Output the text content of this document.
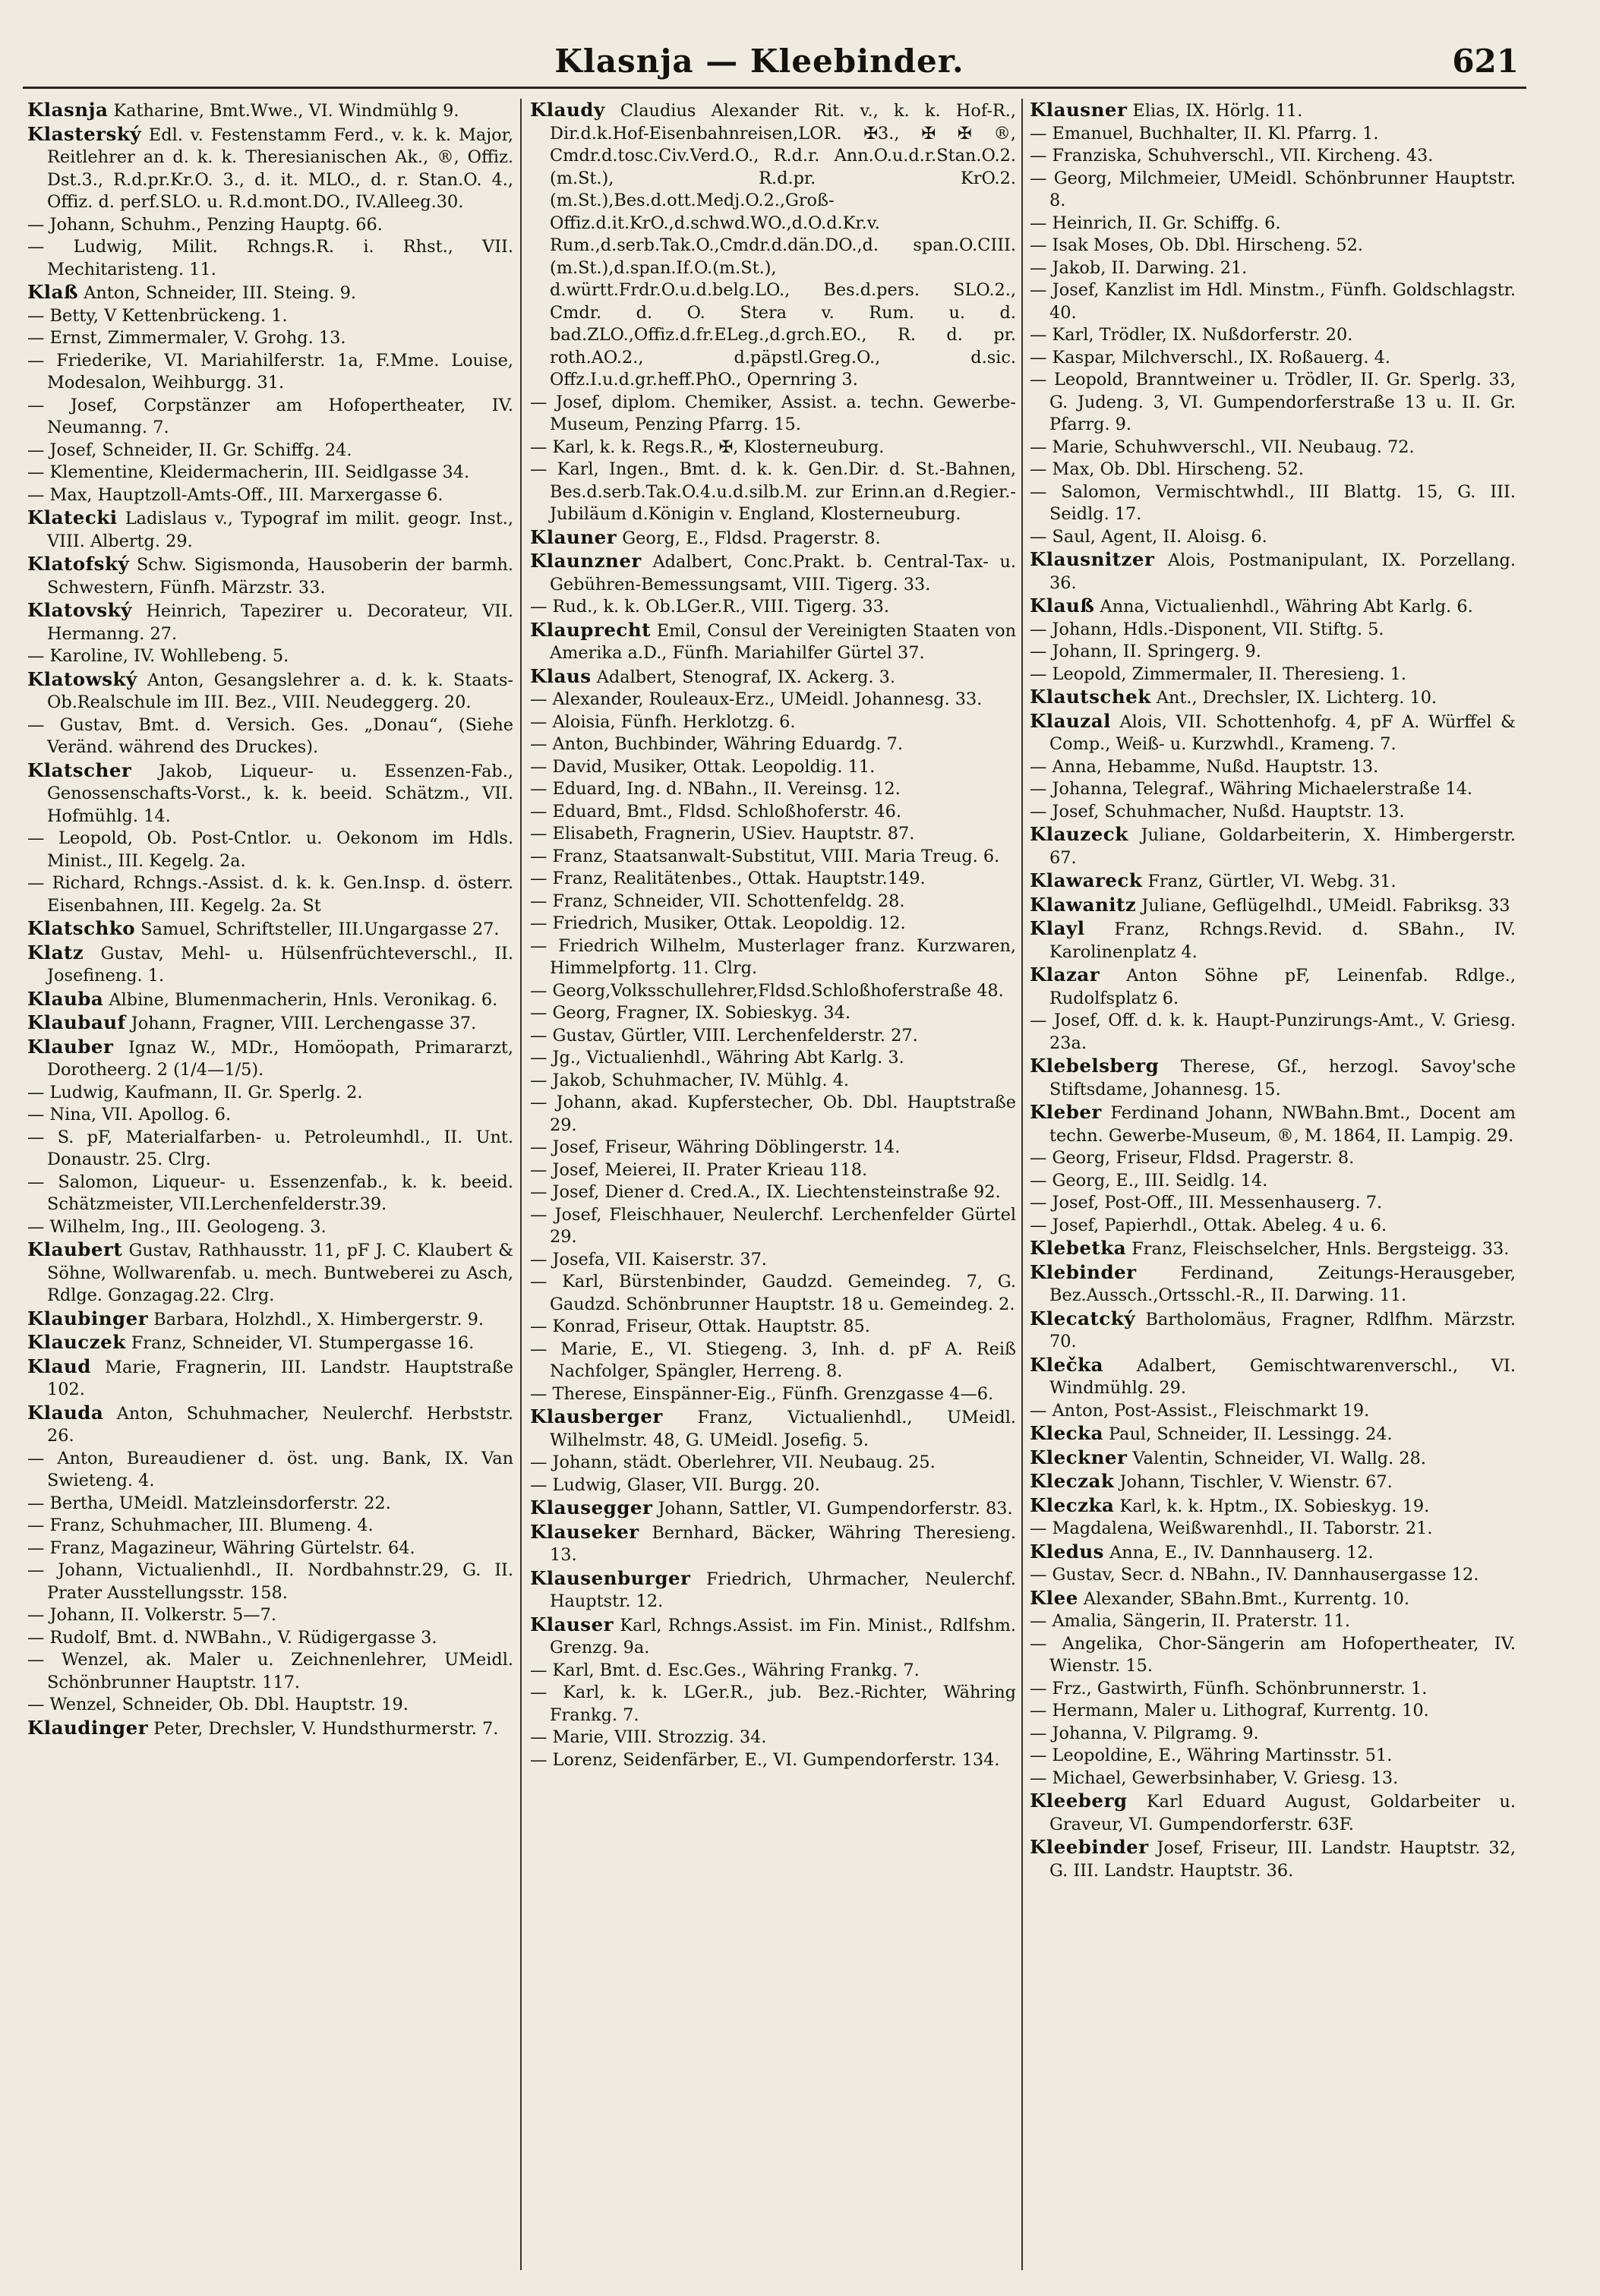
Klasnja — Kleebinder.	621

Klasnja Katharine, Bmt.Wwe., VI. Windmühlg 9.

Klasterský Edl. v. Festenstamm Ferd., v. k. k. Major, Reitlehrer an d. k. k. Theresianischen Ak., ®, Offiz. Dst.3., R.d.pr.Kr.O. 3., d. it. MLO., d. r. Stan.O. 4., Offiz. d. perf.SLO. u. R.d.mont.DO., IV.Alleeg.30.

— Johann, Schuhm., Penzing Hauptg. 66.

— Ludwig, Milit. Rchngs.R. i. Rhst., VII. Mechitaristeng. 11.

Klaß Anton, Schneider, III. Steing. 9.

— Betty, V Kettenbrückeng. 1.

— Ernst, Zimmermaler, V. Grohg. 13.

— Friederike, VI. Mariahilferstr. 1a, F.Mme. Louise, Modesalon, Weihburgg. 31.

— Josef, Corpstänzer am Hofopertheater, IV. Neumanng. 7.

— Josef, Schneider, II. Gr. Schiffg. 24.

— Klementine, Kleidermacherin, III. Seidlgasse 34.

— Max, Hauptzoll-Amts-Off., III. Marxergasse 6.

Klatecki Ladislaus v., Typograf im milit. geogr. Inst., VIII. Albertg. 29.

Klatofský Schw. Sigismonda, Hausoberin der barmh. Schwestern, Fünfh. Märzstr. 33.

Klatovský Heinrich, Tapezirer u. Decorateur, VII. Hermanng. 27.

— Karoline, IV. Wohllebeng. 5.

Klatowský Anton, Gesangslehrer a. d. k. k. Staats-Ob.Realschule im III. Bez., VIII. Neudeggerg. 20.

— Gustav, Bmt. d. Versich. Ges. „Donau“, (Siehe Veränd. während des Druckes).

Klatscher Jakob, Liqueur- u. Essenzen-Fab., Genossenschafts-Vorst., k. k. beeid. Schätzm., VII. Hofmühlg. 14.

— Leopold, Ob. Post-Cntlor. u. Oekonom im Hdls. Minist., III. Kegelg. 2a.

— Richard, Rchngs.-Assist. d. k. k. Gen.Insp. d. österr. Eisenbahnen, III. Kegelg. 2a. St

Klatschko Samuel, Schriftsteller, III.Ungargasse 27.

Klatz Gustav, Mehl- u. Hülsenfrüchteverschl., II. Josefineng. 1.

Klauba Albine, Blumenmacherin, Hnls. Veronikag. 6.

Klaubauf Johann, Fragner, VIII. Lerchengasse 37.

Klauber Ignaz W., MDr., Homöopath, Primararzt, Dorotheerg. 2 (1/4—1/5).

— Ludwig, Kaufmann, II. Gr. Sperlg. 2.

— Nina, VII. Apollog. 6.

— S. pF, Materialfarben- u. Petroleumhdl., II. Unt. Donaustr. 25. Clrg.

— Salomon, Liqueur- u. Essenzenfab., k. k. beeid. Schätzmeister, VII.Lerchenfelderstr.39.

— Wilhelm, Ing., III. Geologeng. 3.

Klaubert Gustav, Rathhausstr. 11, pF J. C. Klaubert & Söhne, Wollwarenfab. u. mech. Buntweberei zu Asch, Rdlge. Gonzagag.22. Clrg.

Klaubinger Barbara, Holzhdl., X. Himbergerstr. 9.

Klauczek Franz, Schneider, VI. Stumpergasse 16.

Klaud Marie, Fragnerin, III. Landstr. Hauptstraße 102.

Klauda Anton, Schuhmacher, Neulerchf. Herbststr. 26.

— Anton, Bureaudiener d. öst. ung. Bank, IX. Van Swieteng. 4.

— Bertha, UMeidl. Matzleinsdorferstr. 22.

— Franz, Schuhmacher, III. Blumeng. 4.

— Franz, Magazineur, Währing Gürtelstr. 64.

— Johann, Victualienhdl., II. Nordbahnstr.29, G. II. Prater Ausstellungsstr. 158.

— Johann, II. Volkerstr. 5—7.

— Rudolf, Bmt. d. NWBahn., V. Rüdigergasse 3.

— Wenzel, ak. Maler u. Zeichnenlehrer, UMeidl. Schönbrunner Hauptstr. 117.

— Wenzel, Schneider, Ob. Dbl. Hauptstr. 19.

Klaudinger Peter, Drechsler, V. Hundsthurmerstr. 7.

Klaudy Claudius Alexander Rit. v., k. k. Hof-R., Dir.d.k.Hof-Eisenbahnreisen,LOR. ✠3., ✠ ✠ ®, Cmdr.d.tosc.Civ.Verd.O., R.d.r. Ann.O.u.d.r.Stan.O.2.(m.St.), R.d.pr. KrO.2.(m.St.),Bes.d.ott.Medj.O.2.,Groß-Offiz.d.it.KrO.,d.schwd.WO.,d.O.d.Kr.v. Rum.,d.serb.Tak.O.,Cmdr.d.dän.DO.,d. span.O.CIII.(m.St.),d.span.If.O.(m.St.), d.württ.Frdr.O.u.d.belg.LO., Bes.d.pers. SLO.2., Cmdr. d. O. Stera v. Rum. u. d. bad.ZLO.,Offiz.d.fr.ELeg.,d.grch.EO., R. d. pr. roth.AO.2., d.päpstl.Greg.O., d.sic. Offz.I.u.d.gr.heff.PhO., Opernring 3.

— Josef, diplom. Chemiker, Assist. a. techn. Gewerbe-Museum, Penzing Pfarrg. 15.

— Karl, k. k. Regs.R., ✠, Klosterneuburg.

— Karl, Ingen., Bmt. d. k. k. Gen.Dir. d. St.-Bahnen, Bes.d.serb.Tak.O.4.u.d.silb.M. zur Erinn.an d.Regier.-Jubiläum d.Königin v. England, Klosterneuburg.

Klauner Georg, E., Fldsd. Pragerstr. 8.

Klaunzner Adalbert, Conc.Prakt. b. Central-Tax- u. Gebühren-Bemessungsamt, VIII. Tigerg. 33.

— Rud., k. k. Ob.LGer.R., VIII. Tigerg. 33.

Klauprecht Emil, Consul der Vereinigten Staaten von Amerika a.D., Fünfh. Mariahilfer Gürtel 37.

Klaus Adalbert, Stenograf, IX. Ackerg. 3.

— Alexander, Rouleaux-Erz., UMeidl. Johannesg. 33.

— Aloisia, Fünfh. Herklotzg. 6.

— Anton, Buchbinder, Währing Eduardg. 7.

— David, Musiker, Ottak. Leopoldig. 11.

— Eduard, Ing. d. NBahn., II. Vereinsg. 12.

— Eduard, Bmt., Fldsd. Schloßhoferstr. 46.

— Elisabeth, Fragnerin, USiev. Hauptstr. 87.

— Franz, Staatsanwalt-Substitut, VIII. Maria Treug. 6.

— Franz, Realitätenbes., Ottak. Hauptstr.149.

— Franz, Schneider, VII. Schottenfeldg. 28.

— Friedrich, Musiker, Ottak. Leopoldig. 12.

— Friedrich Wilhelm, Musterlager franz. Kurzwaren, Himmelpfortg. 11. Clrg.

— Georg,Volksschullehrer,Fldsd.Schloßhoferstraße 48.

— Georg, Fragner, IX. Sobieskyg. 34.

— Gustav, Gürtler, VIII. Lerchenfelderstr. 27.

— Jg., Victualienhdl., Währing Abt Karlg. 3.

— Jakob, Schuhmacher, IV. Mühlg. 4.

— Johann, akad. Kupferstecher, Ob. Dbl. Hauptstraße 29.

— Josef, Friseur, Währing Döblingerstr. 14.

— Josef, Meierei, II. Prater Krieau 118.

— Josef, Diener d. Cred.A., IX. Liechtensteinstraße 92.

— Josef, Fleischhauer, Neulerchf. Lerchenfelder Gürtel 29.

— Josefa, VII. Kaiserstr. 37.

— Karl, Bürstenbinder, Gaudzd. Gemeindeg. 7, G. Gaudzd. Schönbrunner Hauptstr. 18 u. Gemeindeg. 2.

— Konrad, Friseur, Ottak. Hauptstr. 85.

— Marie, E., VI. Stiegeng. 3, Inh. d. pF A. Reiß Nachfolger, Spängler, Herreng. 8.

— Therese, Einspänner-Eig., Fünfh. Grenzgasse 4—6.

Klausberger Franz, Victualienhdl., UMeidl. Wilhelmstr. 48, G. UMeidl. Josefig. 5.

— Johann, städt. Oberlehrer, VII. Neubaug. 25.

— Ludwig, Glaser, VII. Burgg. 20.

Klausegger Johann, Sattler, VI. Gumpendorferstr. 83.

Klauseker Bernhard, Bäcker, Währing Theresieng. 13.

Klausenburger Friedrich, Uhrmacher, Neulerchf. Hauptstr. 12.

Klauser Karl, Rchngs.Assist. im Fin. Minist., Rdlfshm. Grenzg. 9a.

— Karl, Bmt. d. Esc.Ges., Währing Frankg. 7.

— Karl, k. k. LGer.R., jub. Bez.-Richter, Währing Frankg. 7.

— Marie, VIII. Strozzig. 34.

— Lorenz, Seidenfärber, E., VI. Gumpendorferstr. 134.

Klausner Elias, IX. Hörlg. 11.

— Emanuel, Buchhalter, II. Kl. Pfarrg. 1.

— Franziska, Schuhverschl., VII. Kircheng. 43.

— Georg, Milchmeier, UMeidl. Schönbrunner Hauptstr. 8.

— Heinrich, II. Gr. Schiffg. 6.

— Isak Moses, Ob. Dbl. Hirscheng. 52.

— Jakob, II. Darwing. 21.

— Josef, Kanzlist im Hdl. Minstm., Fünfh. Goldschlagstr. 40.

— Karl, Trödler, IX. Nußdorferstr. 20.

— Kaspar, Milchverschl., IX. Roßauerg. 4.

— Leopold, Branntweiner u. Trödler, II. Gr. Sperlg. 33, G. Judeng. 3, VI. Gumpendorferstraße 13 u. II. Gr. Pfarrg. 9.

— Marie, Schuhwverschl., VII. Neubaug. 72.

— Max, Ob. Dbl. Hirscheng. 52.

— Salomon, Vermischtwhdl., III Blattg. 15, G. III. Seidlg. 17.

— Saul, Agent, II. Aloisg. 6.

Klausnitzer Alois, Postmanipulant, IX. Porzellang. 36.

Klauß Anna, Victualienhdl., Währing Abt Karlg. 6.

— Johann, Hdls.-Disponent, VII. Stiftg. 5.

— Johann, II. Springerg. 9.

— Leopold, Zimmermaler, II. Theresieng. 1.

Klautschek Ant., Drechsler, IX. Lichterg. 10.

Klauzal Alois, VII. Schottenhofg. 4, pF A. Würffel & Comp., Weiß- u. Kurzwhdl., Krameng. 7.

— Anna, Hebamme, Nußd. Hauptstr. 13.

— Johanna, Telegraf., Währing Michaelerstraße 14.

— Josef, Schuhmacher, Nußd. Hauptstr. 13.

Klauzeck Juliane, Goldarbeiterin, X. Himbergerstr. 67.

Klawareck Franz, Gürtler, VI. Webg. 31.

Klawanitz Juliane, Geflügelhdl., UMeidl. Fabriksg. 33

Klayl Franz, Rchngs.Revid. d. SBahn., IV. Karolinenplatz 4.

Klazar Anton Söhne pF, Leinenfab. Rdlge., Rudolfsplatz 6.

— Josef, Off. d. k. k. Haupt-Punzirungs-Amt., V. Griesg. 23a.

Klebelsberg Therese, Gf., herzogl. Savoy'sche Stiftsdame, Johannesg. 15.

Kleber Ferdinand Johann, NWBahn.Bmt., Docent am techn. Gewerbe-Museum, ®, M. 1864, II. Lampig. 29.

— Georg, Friseur, Fldsd. Pragerstr. 8.

— Georg, E., III. Seidlg. 14.

— Josef, Post-Off., III. Messenhauserg. 7.

— Josef, Papierhdl., Ottak. Abeleg. 4 u. 6.

Klebetka Franz, Fleischselcher, Hnls. Bergsteigg. 33.

Klebinder	Ferdinand, Zeitungs-Herausgeber, Bez.Aussch.,Ortsschl.-R., II. Darwing. 11.

Klecatcký Bartholomäus, Fragner, Rdlfhm. Märzstr. 70.

Klečka Adalbert, Gemischtwarenverschl., VI. Windmühlg. 29.

— Anton, Post-Assist., Fleischmarkt 19.

Klecka Paul, Schneider, II. Lessingg. 24.

Kleckner Valentin, Schneider, VI. Wallg. 28.

Kleczak Johann, Tischler, V. Wienstr. 67.

Kleczka Karl, k. k. Hptm., IX. Sobieskyg. 19.

— Magdalena, Weißwarenhdl., II. Taborstr. 21.

Kledus Anna, E., IV. Dannhauserg. 12.

— Gustav, Secr. d. NBahn., IV. Dannhausergasse 12.

Klee Alexander, SBahn.Bmt., Kurrentg. 10.

— Amalia, Sängerin, II. Praterstr. 11.

— Angelika, Chor-Sängerin am Hofopertheater, IV. Wienstr. 15.

— Frz., Gastwirth, Fünfh. Schönbrunnerstr. 1.

— Hermann, Maler u. Lithograf, Kurrentg. 10.

— Johanna, V. Pilgramg. 9.

— Leopoldine, E., Währing Martinsstr. 51.

— Michael, Gewerbsinhaber, V. Griesg. 13.

Kleeberg Karl Eduard August, Goldarbeiter u. Graveur, VI. Gumpendorferstr. 63F.

Kleebinder Josef, Friseur, III. Landstr. Hauptstr. 32, G. III. Landstr. Hauptstr. 36.
